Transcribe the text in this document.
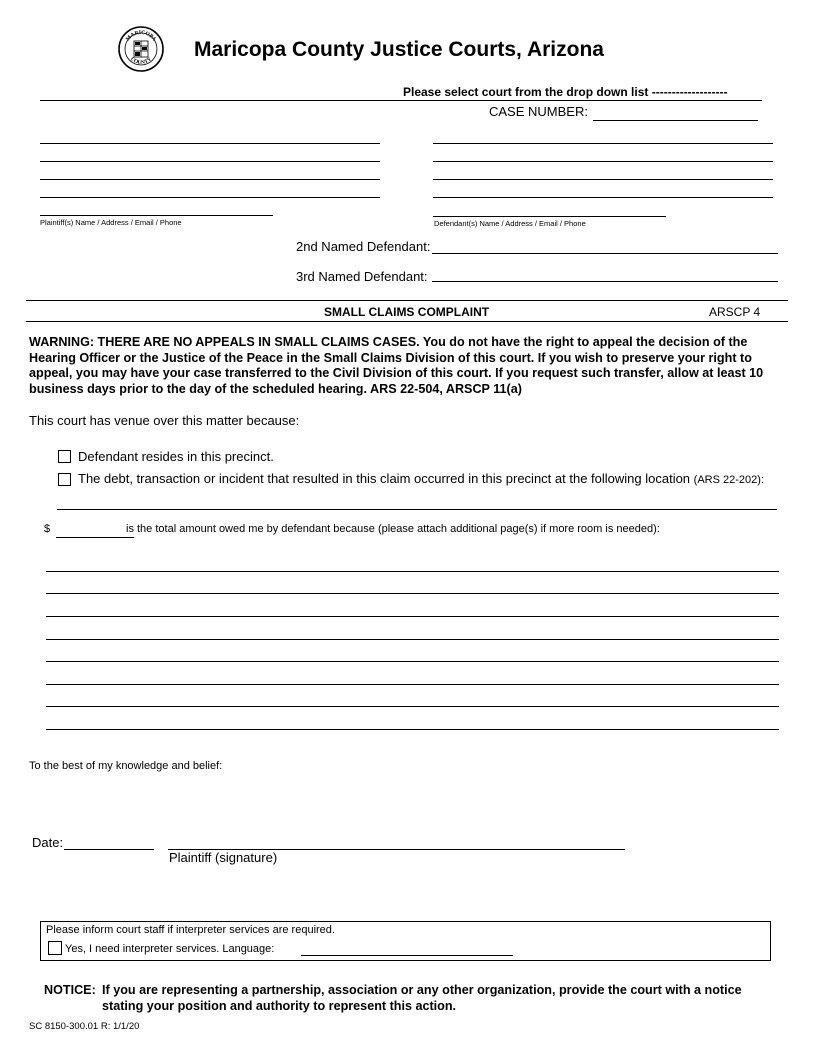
MARICOPA
COUNTY Maricopa County Justice Courts, Arizona
Please select court from the drop down list -------------------
CASE NUMBER:
Plaintiff(s) Name / Address / Email / Phone	Defendant(s) Name / Address / Email / Phone
2nd Named Defendant:
3rd Named Defendant:
SMALL CLAIMS COMPLAINT	ARSCP 4
WARNING: THERE ARE NO APPEALS IN SMALL CLAIMS CASES. You do not have the right to appeal the decision of the Hearing Officer or the Justice of the Peace in the Small Claims Division of this court. If you wish to preserve your right to appeal, you may have your case transferred to the Civil Division of this court. If you request such transfer, allow at least 10 business days prior to the day of the scheduled hearing. ARS 22-504, ARSCP 11(a)
This court has venue over this matter because:
Defendant resides in this precinct.
The debt, transaction or incident that resulted in this claim occurred in this precinct at the following location (ARS 22-202):
$	is the total amount owed me by defendant because (please attach additional page(s) if more room is needed):
To the best of my knowledge and belief:
Date:
Plaintiff (signature)
Please inform court staff if interpreter services are required.
Yes, I need interpreter services. Language:
NOTICE: If you are representing a partnership, association or any other organization, provide the court with a notice
stating your position and authority to represent this action.
SC 8150-300.01 R: 1/1/20
